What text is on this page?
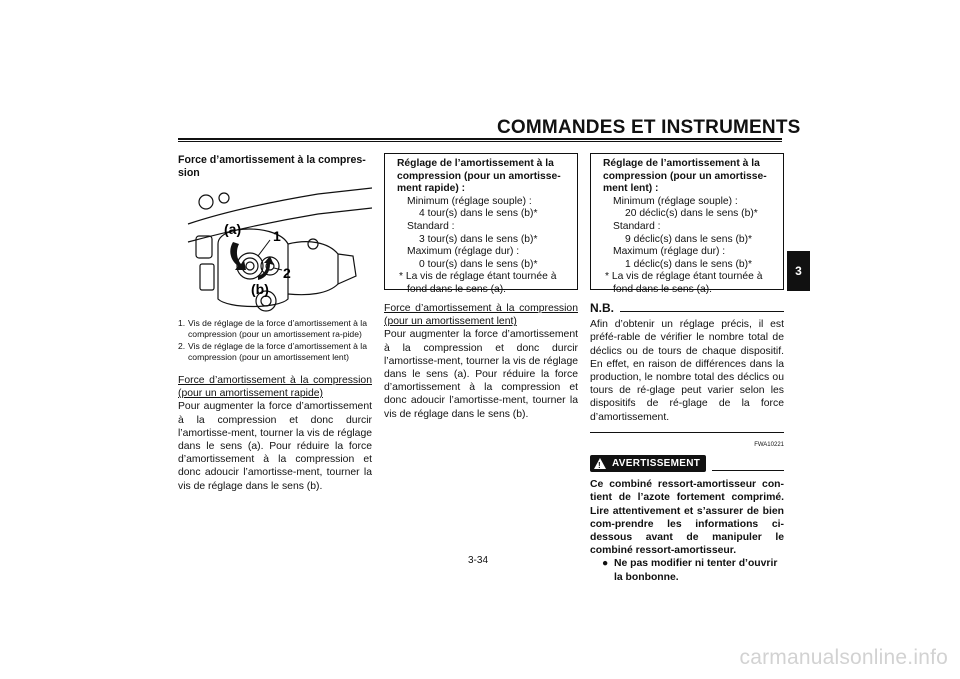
COMMANDES ET INSTRUMENTS
3
Force d’amortissement à la compres-
sion
(a) 1
2
(b)
1. Vis de réglage de la force d’amortissement à la compression (pour un amortissement ra-pide)
2. Vis de réglage de la force d’amortissement à la compression (pour un amortissement lent)
Force d’amortissement à la compression (pour un amortissement rapide)
Pour augmenter la force d’amortissement à la compression et donc durcir l’amortisse-ment, tourner la vis de réglage dans le sens (a). Pour réduire la force d’amortissement à la compression et donc adoucir l’amortisse-ment, tourner la vis de réglage dans le sens (b).
Réglage de l’amortissement à la compression (pour un amortisse-ment rapide) :
Minimum (réglage souple) :
4 tour(s) dans le sens (b)*
Standard :
3 tour(s) dans le sens (b)*
Maximum (réglage dur) :
0 tour(s) dans le sens (b)*
* La vis de réglage étant tournée à fond dans le sens (a).
Force d’amortissement à la compression (pour un amortissement lent)
Pour augmenter la force d’amortissement à la compression et donc durcir l’amortisse-ment, tourner la vis de réglage dans le sens (a). Pour réduire la force d’amortissement à la compression et donc adoucir l’amortisse-ment, tourner la vis de réglage dans le sens (b).
Réglage de l’amortissement à la compression (pour un amortisse-ment lent) :
Minimum (réglage souple) :
20 déclic(s) dans le sens (b)*
Standard :
9 déclic(s) dans le sens (b)*
Maximum (réglage dur) :
1 déclic(s) dans le sens (b)*
* La vis de réglage étant tournée à fond dans le sens (a).
N.B.
Afin d’obtenir un réglage précis, il est préfé-rable de vérifier le nombre total de déclics ou de tours de chaque dispositif. En effet, en raison de différences dans la production, le nombre total des déclics ou tours de ré-glage peut varier selon les dispositifs de ré-glage de la force d’amortissement.
FWA10221
! AVERTISSEMENT
Ce combiné ressort-amortisseur con-tient de l’azote fortement comprimé. Lire attentivement et s’assurer de bien com-prendre les informations ci-dessous avant de manipuler le combiné ressort-amortisseur.
● Ne pas modifier ni tenter d’ouvrir la bonbonne.
3-34
carmanualsonline.info
